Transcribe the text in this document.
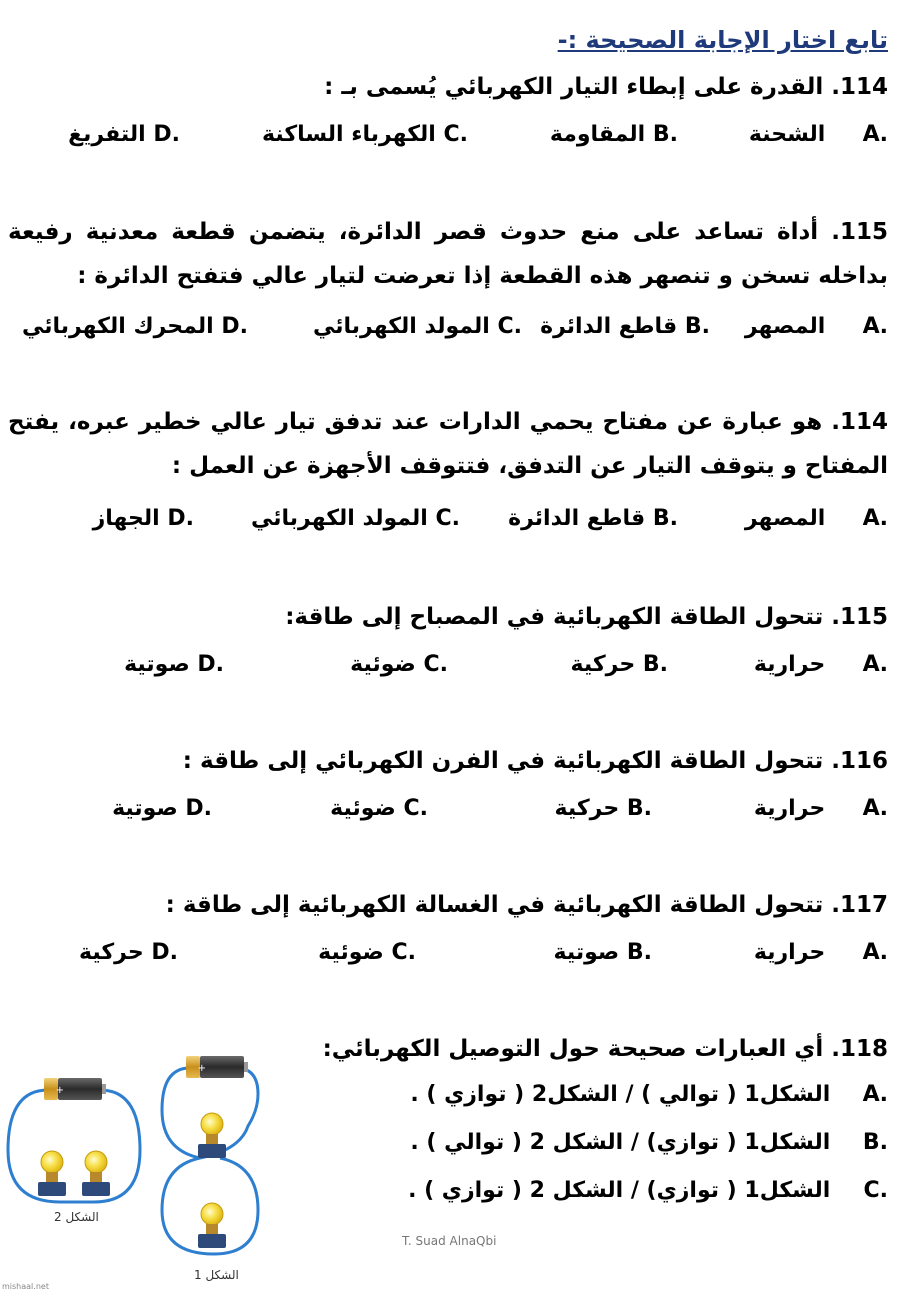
تابع اختار الإجابة الصحيحة :-
114. القدرة على إبطاء التيار الكهربائي يُسمى بـ :
.A  الشحنة
.B المقاومة
.C الكهرباء الساكنة
.D التفريغ
115. أداة تساعد على منع حدوث قصر الدائرة، يتضمن قطعة معدنية رفيعة بداخله تسخن و تنصهر هذه القطعة إذا تعرضت لتيار عالي فتفتح الدائرة :
.A  المصهر
.B قاطع الدائرة
.C المولد الكهربائي
.D المحرك الكهربائي
114. هو عبارة عن مفتاح يحمي الدارات عند تدفق تيار عالي خطير عبره، يفتح المفتاح و يتوقف التيار عن التدفق، فتتوقف الأجهزة عن العمل :
.A  المصهر
.B قاطع الدائرة
.C المولد الكهربائي
.D الجهاز
115. تتحول الطاقة الكهربائية في المصباح إلى طاقة:
.A  حرارية
.B حركية
.C ضوئية
.D صوتية
116. تتحول الطاقة الكهربائية في الفرن الكهربائي إلى طاقة :
.A  حرارية
.B حركية
.C ضوئية
.D صوتية
117. تتحول الطاقة الكهربائية في الغسالة الكهربائية إلى طاقة :
.A  حرارية
.B صوتية
.C ضوئية
.D حركية
118. أي العبارات صحيحة حول التوصيل الكهربائي:
.A الشكل1 ( توالي ) / الشكل2 ( توازي ) .
.B الشكل1 ( توازي) / الشكل 2 ( توالي ) .
.C الشكل1 ( توازي) / الشكل 2 ( توازي ) .
+
+
الشكل 2
الشكل 1
mishaal.net
T. Suad AlnaQbi
